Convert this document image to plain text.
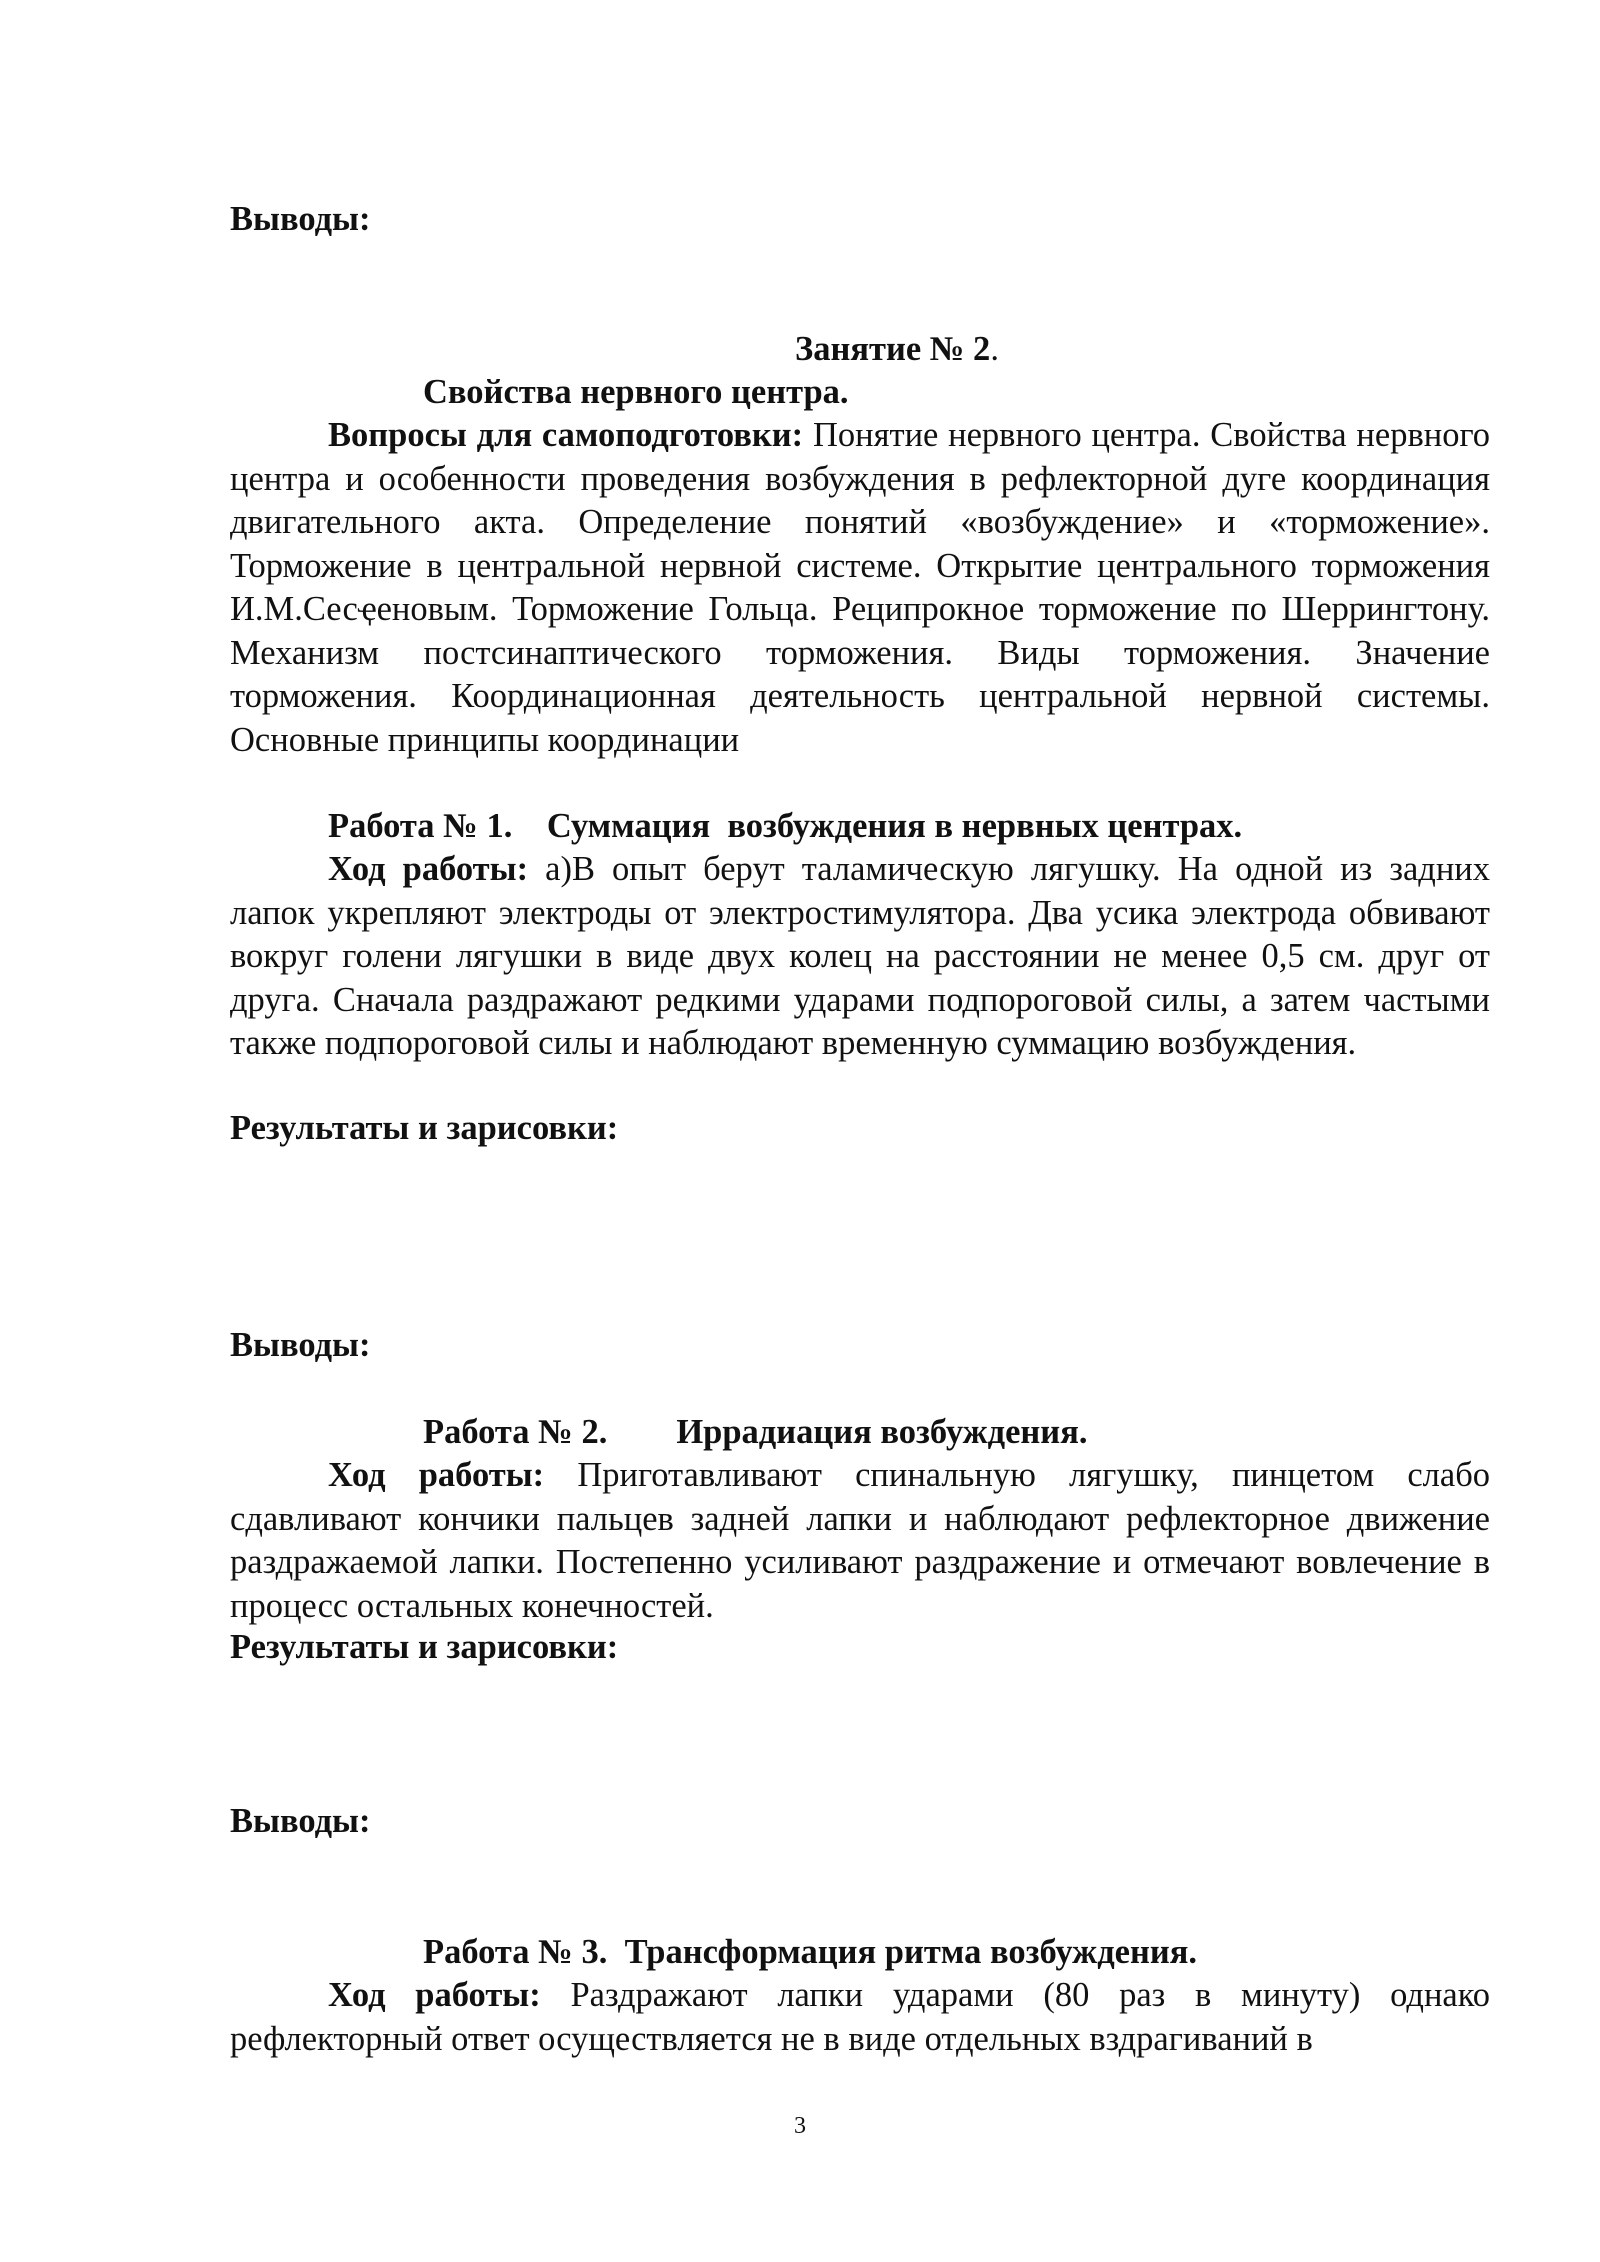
Выводы:
Занятие № 2.
Свойства нервного центра.
Вопросы для самоподготовки: Понятие нервного центра. Свойства нервного центра и особенности проведения возбуждения в рефлекторной дуге координация двигательного акта. Определение понятий «возбуждение» и «торможение». Торможение в центральной нервной системе. Открытие центрального торможения И.М.Сесҿеновым. Торможение Гольца. Реципрокное торможение по Шеррингтону. Механизм постсинаптического торможения. Виды торможения. Значение торможения. Координационная деятельность центральной нервной системы. Основные принципы координации
Работа № 1.    Суммация  возбуждения в нервных центрах.
Ход работы: а)В опыт берут таламическую лягушку. На одной из задних лапок укрепляют электроды от электростимулятора. Два усика электрода обвивают вокруг голени лягушки в виде двух колец на расстоянии не менее 0,5 см. друг от друга. Сначала раздражают редкими ударами подпороговой силы, а затем частыми также подпороговой силы и наблюдают временную суммацию возбуждения.
Результаты и зарисовки:
Выводы:
Работа № 2.        Иррадиация возбуждения.
Ход работы: Приготавливают спинальную лягушку, пинцетом слабо сдавливают кончики пальцев задней лапки и наблюдают рефлекторное движение раздражаемой лапки. Постепенно усиливают раздражение и отмечают вовлечение в процесс остальных конечностей.
Результаты и зарисовки:
Выводы:
Работа № 3.  Трансформация ритма возбуждения.
Ход работы: Раздражают лапки ударами (80 раз в минуту) однако рефлекторный ответ осуществляется не в виде отдельных вздрагиваний в
3
